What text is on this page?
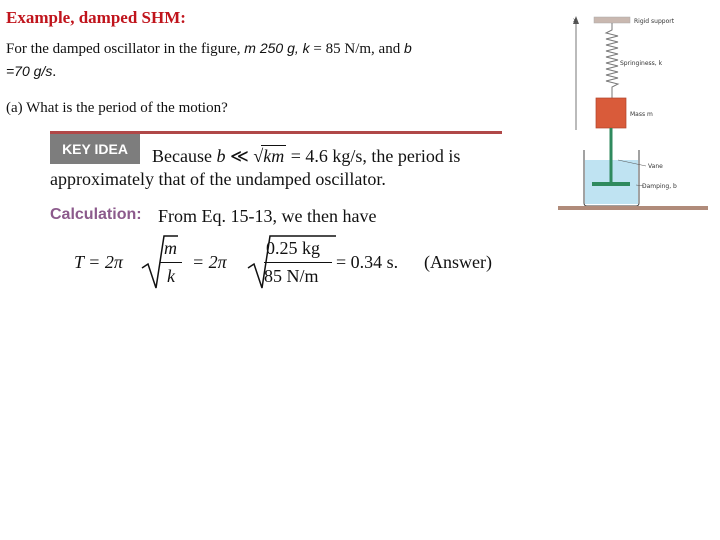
Example, damped SHM:
For the damped oscillator in the figure, m 250 g, k = 85 N/m, and b
=70 g/s.
(a) What is the period of the motion?
KEY IDEA	Because b ≪ √km = 4.6 kg/s, the period is
approximately that of the undamped oscillator.
Calculation: From Eq. 15-13, we then have
T = 2π
m
k
= 2π
0.25 kg
85 N/m
= 0.34 s. (Answer)
x	Rigid support
Springiness, k
Mass m
Vane
Damping, b
